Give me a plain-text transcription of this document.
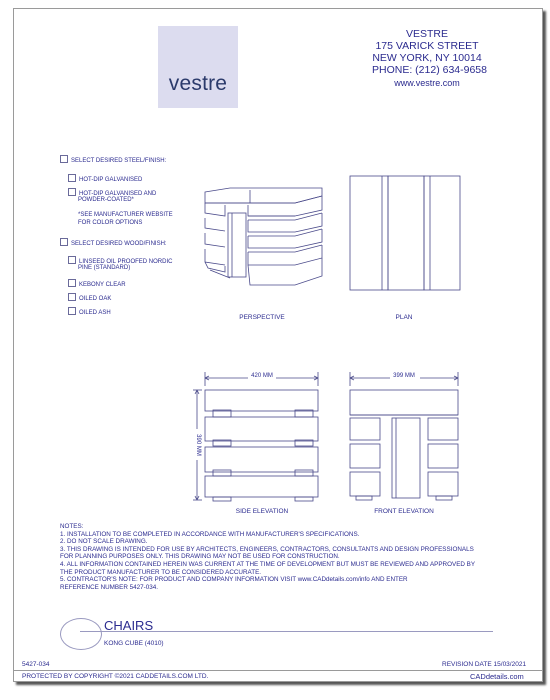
vestre
VESTRE
175 VARICK STREET
NEW YORK, NY 10014
PHONE: (212) 634-9658
www.vestre.com
SELECT DESIRED STEEL/FINISH:
HOT-DIP GALVANISED
HOT-DIP GALVANISED AND
POWDER-COATED*
*SEE MANUFACTURER WEBSITE
FOR COLOR OPTIONS
SELECT DESIRED WOOD/FINISH:
LINSEED OIL PROOFED NORDIC
PINE (STANDARD)
KEBONY CLEAR
OILED OAK
OILED ASH
PERSPECTIVE	PLAN
SIDE ELEVATION	FRONT ELEVATION
420 MM	399 MM
390 MM
NOTES:
1. INSTALLATION TO BE COMPLETED IN ACCORDANCE WITH MANUFACTURER'S SPECIFICATIONS.
2. DO NOT SCALE DRAWING.
3. THIS DRAWING IS INTENDED FOR USE BY ARCHITECTS, ENGINEERS, CONTRACTORS, CONSULTANTS AND DESIGN PROFESSIONALS
FOR PLANNING PURPOSES ONLY. THIS DRAWING MAY NOT BE USED FOR CONSTRUCTION.
4. ALL INFORMATION CONTAINED HEREIN WAS CURRENT AT THE TIME OF DEVELOPMENT BUT MUST BE REVIEWED AND APPROVED BY
THE PRODUCT MANUFACTURER TO BE CONSIDERED ACCURATE.
5. CONTRACTOR'S NOTE: FOR PRODUCT AND COMPANY INFORMATION VISIT www.CADdetails.com/info AND ENTER
REFERENCE NUMBER 5427-034.
CHAIRS
KONG CUBE (4010)
5427-034	REVISION DATE 15/03/2021
PROTECTED BY COPYRIGHT ©2021 CADDETAILS.COM LTD.	CADdetails.com
